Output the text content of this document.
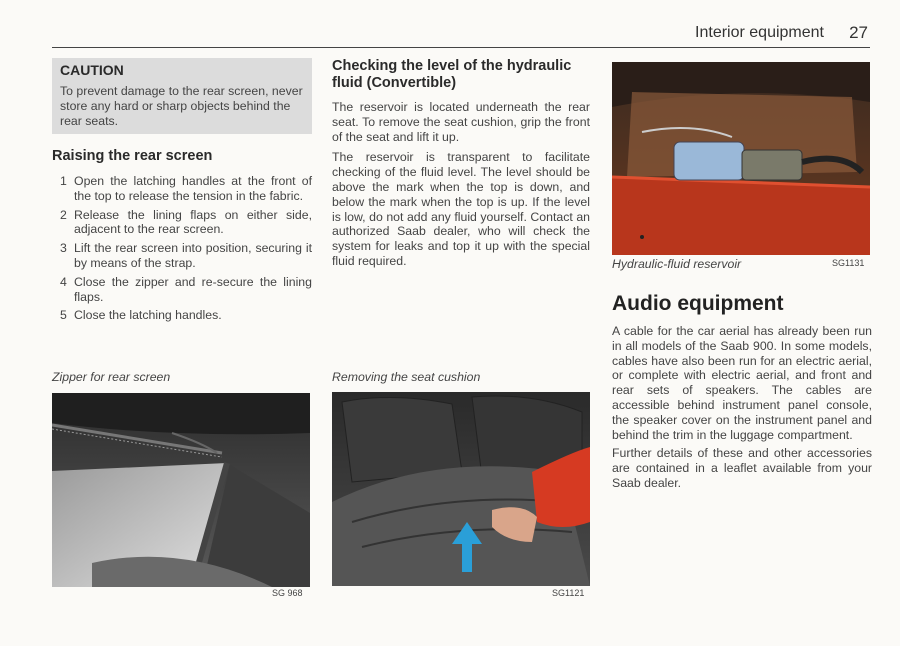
Interior equipment 27
CAUTION
To prevent damage to the rear screen, never store any hard or sharp objects behind the rear seats.
Raising the rear screen
1 Open the latching handles at the front of the top to release the tension in the fabric.
2 Release the lining flaps on either side, adjacent to the rear screen.
3 Lift the rear screen into position, securing it by means of the strap.
4 Close the zipper and re-secure the lining flaps.
5 Close the latching handles.
Checking the level of the hydraulic fluid (Convertible)

The reservoir is located underneath the rear seat. To remove the seat cushion, grip the front of the seat and lift it up.

The reservoir is transparent to facilitate checking of the fluid level. The level should be above the mark when the top is down, and below the mark when the top is up. If the level is low, do not add any fluid yourself. Contact an authorized Saab dealer, who will check the system for leaks and top it up with the special fluid required.

Zipper for rear screen
SG 968
Removing the seat cushion
SG1121
Hydraulic-fluid reservoir	SG1131
Audio equipment

A cable for the car aerial has already been run in all models of the Saab 900. In some models, cables have also been run for an electric aerial, or complete with electric aerial, and front and rear sets of speakers. The cables are accessible behind instrument panel console, the speaker cover on the instrument panel and behind the trim in the luggage compartment.

Further details of these and other accessories are contained in a leaflet available from your Saab dealer.
